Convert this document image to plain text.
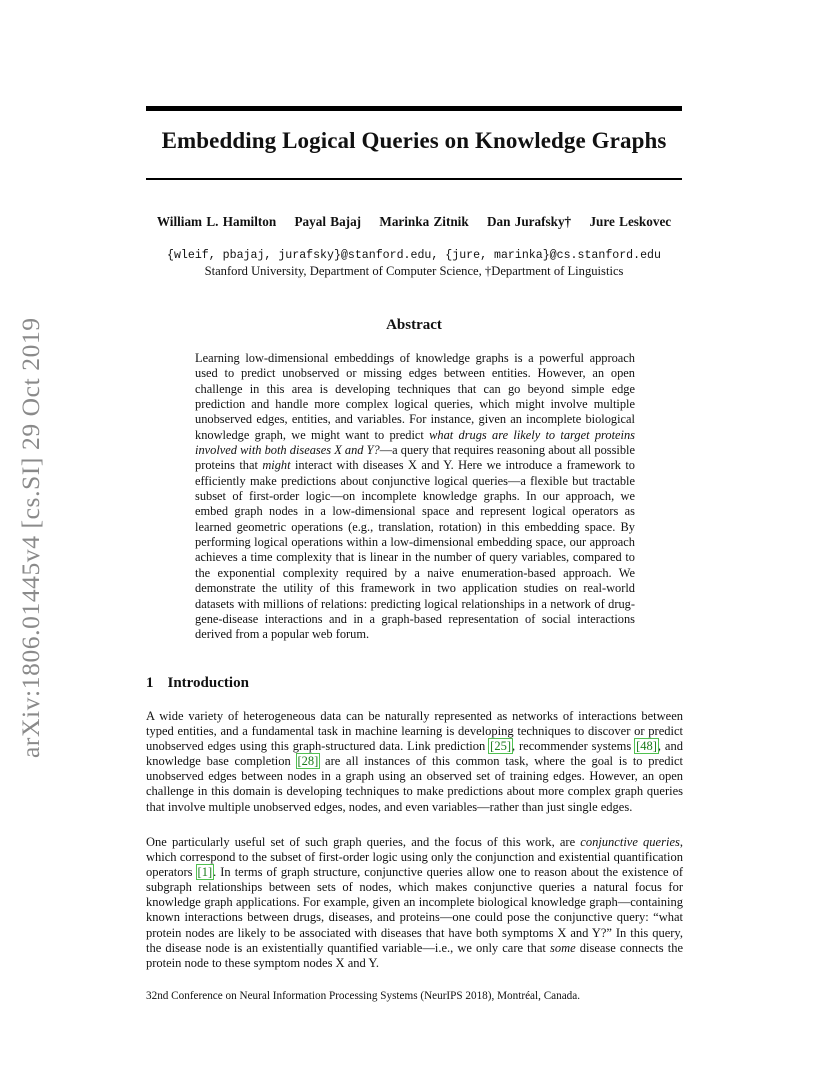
arXiv:1806.01445v4 [cs.SI] 29 Oct 2019
Embedding Logical Queries on Knowledge Graphs
William L. Hamilton Payal Bajaj Marinka Zitnik Dan Jurafsky† Jure Leskovec
{wleif, pbajaj, jurafsky}@stanford.edu, {jure, marinka}@cs.stanford.edu
Stanford University, Department of Computer Science, †Department of Linguistics
Abstract
Learning low-dimensional embeddings of knowledge graphs is a powerful approach used to predict unobserved or missing edges between entities. However, an open challenge in this area is developing techniques that can go beyond simple edge prediction and handle more complex logical queries, which might involve multiple unobserved edges, entities, and variables. For instance, given an incomplete biological knowledge graph, we might want to predict what drugs are likely to target proteins involved with both diseases X and Y?—a query that requires reasoning about all possible proteins that might interact with diseases X and Y. Here we introduce a framework to efficiently make predictions about conjunctive logical queries—a flexible but tractable subset of first-order logic—on incomplete knowledge graphs. In our approach, we embed graph nodes in a low-dimensional space and represent logical operators as learned geometric operations (e.g., translation, rotation) in this embedding space. By performing logical operations within a low-dimensional embedding space, our approach achieves a time complexity that is linear in the number of query variables, compared to the exponential complexity required by a naive enumeration-based approach. We demonstrate the utility of this framework in two application studies on real-world datasets with millions of relations: predicting logical relationships in a network of drug-gene-disease interactions and in a graph-based representation of social interactions derived from a popular web forum.
1 Introduction
A wide variety of heterogeneous data can be naturally represented as networks of interactions between typed entities, and a fundamental task in machine learning is developing techniques to discover or predict unobserved edges using this graph-structured data. Link prediction [25], recommender systems [48], and knowledge base completion [28] are all instances of this common task, where the goal is to predict unobserved edges between nodes in a graph using an observed set of training edges. However, an open challenge in this domain is developing techniques to make predictions about more complex graph queries that involve multiple unobserved edges, nodes, and even variables—rather than just single edges.
One particularly useful set of such graph queries, and the focus of this work, are conjunctive queries, which correspond to the subset of first-order logic using only the conjunction and existential quantification operators [1]. In terms of graph structure, conjunctive queries allow one to reason about the existence of subgraph relationships between sets of nodes, which makes conjunctive queries a natural focus for knowledge graph applications. For example, given an incomplete biological knowledge graph—containing known interactions between drugs, diseases, and proteins—one could pose the conjunctive query: “what protein nodes are likely to be associated with diseases that have both symptoms X and Y?” In this query, the disease node is an existentially quantified variable—i.e., we only care that some disease connects the protein node to these symptom nodes X and Y.
32nd Conference on Neural Information Processing Systems (NeurIPS 2018), Montréal, Canada.
